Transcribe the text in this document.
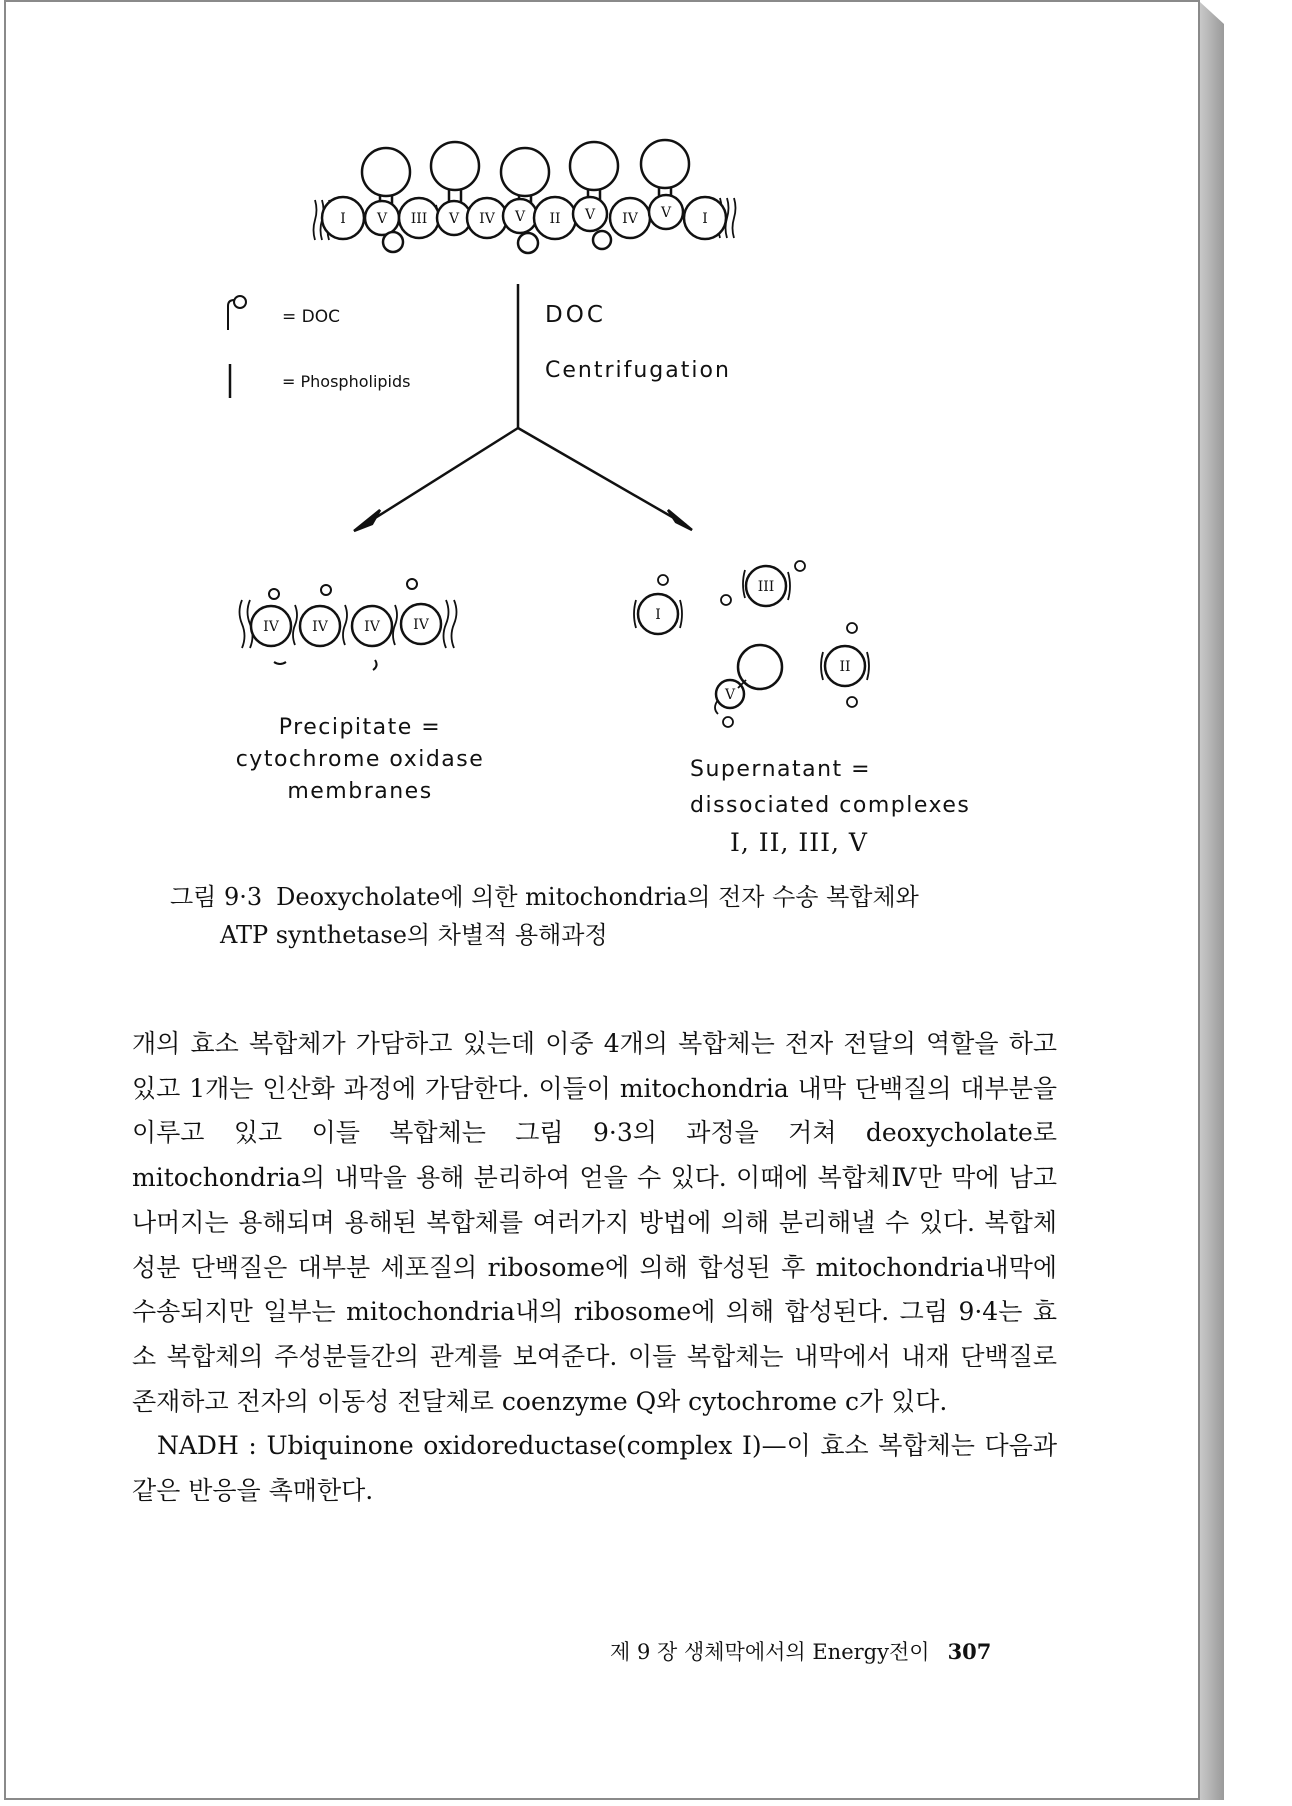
I V III V IV V II V IV V I
IV IV	IV IV
I
III
II
V
= DOC
= Phospholipids
DOC
Centrifugation
Precipitate =
cytochrome oxidase
membranes
Supernatant =
dissociated complexes
I, II, III, V
그림 9·3 Deoxycholate에 의한 mitochondria의 전자 수송 복합체와
ATP synthetase의 차별적 용해과정

개의 효소 복합체가 가담하고 있는데 이중 4개의 복합체는 전자 전달의 역할을 하고 있고 1개는 인산화 과정에 가담한다. 이들이 mitochondria 내막 단백질의 대부분을 이루고 있고 이들 복합체는 그림 9·3의 과정을 거쳐 deoxycholate로 mitochondria의 내막을 용해 분리하여 얻을 수 있다. 이때에 복합체Ⅳ만 막에 남고 나머지는 용해되며 용해된 복합체를 여러가지 방법에 의해 분리해낼 수 있다. 복합체 성분 단백질은 대부분 세포질의 ribosome에 의해 합성된 후 mitochondria내막에 수송되지만 일부는 mitochondria내의 ribosome에 의해 합성된다. 그림 9·4는 효소 복합체의 주성분들간의 관계를 보여준다. 이들 복합체는 내막에서 내재 단백질로 존재하고 전자의 이동성 전달체로 coenzyme Q와 cytochrome c가 있다.

NADH : Ubiquinone oxidoreductase(complex I)—이 효소 복합체는 다음과 같은 반응을 촉매한다.

제 9 장 생체막에서의 Energy전이 307
